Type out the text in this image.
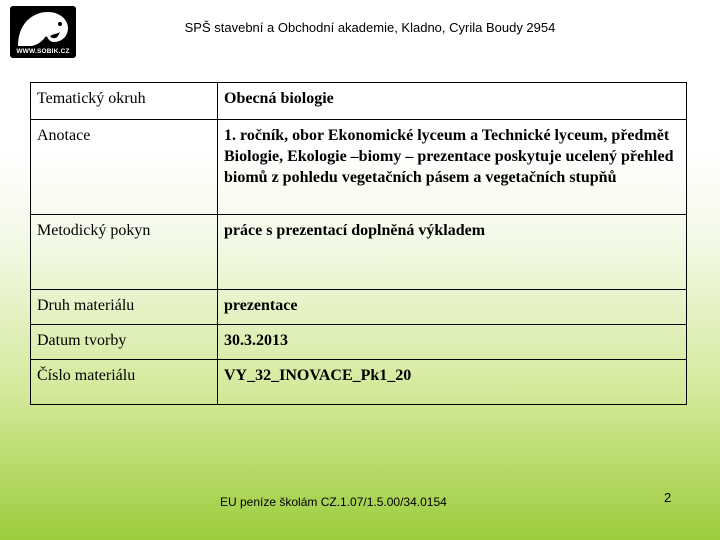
WWW.SOBIK.CZ
SPŠ stavební a Obchodní akademie, Kladno, Cyrila Boudy 2954
Tematický okruh	Obecná biologie
Anotace	1. ročník, obor Ekonomické lyceum a Technické lyceum, předmět Biologie, Ekologie –biomy – prezentace poskytuje ucelený přehled biomů z pohledu vegetačních pásem a vegetačních stupňů
Metodický pokyn	práce s prezentací doplněná výkladem
Druh materiálu	prezentace
Datum tvorby	30.3.2013
Číslo materiálu	VY_32_INOVACE_Pk1_20
EU peníze školám CZ.1.07/1.5.00/34.0154	2
